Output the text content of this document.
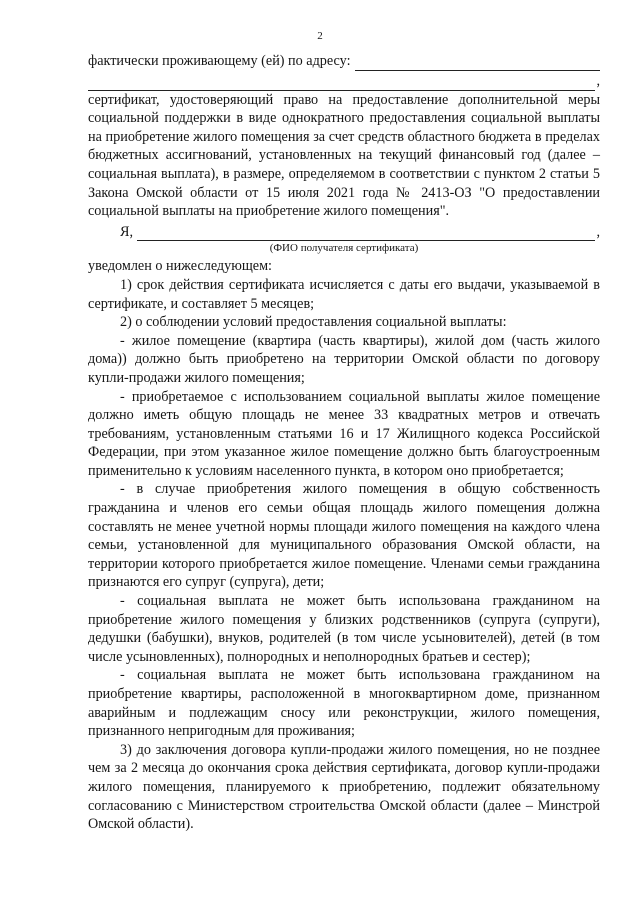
2
фактически проживающему (ей) по адресу:
,

сертификат, удостоверяющий право на предоставление дополнительной меры социальной поддержки в виде однократного предоставления социальной выплаты на приобретение жилого помещения за счет средств областного бюджета в пределах бюджетных ассигнований, установленных на текущий финансовый год (далее – социальная выплата), в размере, определяемом в соответствии с пунктом 2 статьи 5 Закона Омской области от 15 июля 2021 года № 2413-ОЗ "О предоставлении социальной выплаты на приобретение жилого помещения".

Я,	,
(ФИО получателя сертификата)

уведомлен о нижеследующем:

1) срок действия сертификата исчисляется с даты его выдачи, указываемой в сертификате, и составляет 5 месяцев;

2) о соблюдении условий предоставления социальной выплаты:

- жилое помещение (квартира (часть квартиры), жилой дом (часть жилого дома)) должно быть приобретено на территории Омской области по договору купли-продажи жилого помещения;

- приобретаемое с использованием социальной выплаты жилое помещение должно иметь общую площадь не менее 33 квадратных метров и отвечать требованиям, установленным статьями 16 и 17 Жилищного кодекса Российской Федерации, при этом указанное жилое помещение должно быть благоустроенным применительно к условиям населенного пункта, в котором оно приобретается;

- в случае приобретения жилого помещения в общую собственность гражданина и членов его семьи общая площадь жилого помещения должна составлять не менее учетной нормы площади жилого помещения на каждого члена семьи, установленной для муниципального образования Омской области, на территории которого приобретается жилое помещение. Членами семьи гражданина признаются его супруг (супруга), дети;

- социальная выплата не может быть использована гражданином на приобретение жилого помещения у близких родственников (супруга (супруги), дедушки (бабушки), внуков, родителей (в том числе усыновителей), детей (в том числе усыновленных), полнородных и неполнородных братьев и сестер);

- социальная выплата не может быть использована гражданином на приобретение квартиры, расположенной в многоквартирном доме, признанном аварийным и подлежащим сносу или реконструкции, жилого помещения, признанного непригодным для проживания;

3) до заключения договора купли-продажи жилого помещения, но не позднее чем за 2 месяца до окончания срока действия сертификата, договор купли-продажи жилого помещения, планируемого к приобретению, подлежит обязательному согласованию с Министерством строительства Омской области (далее – Минстрой Омской области).
